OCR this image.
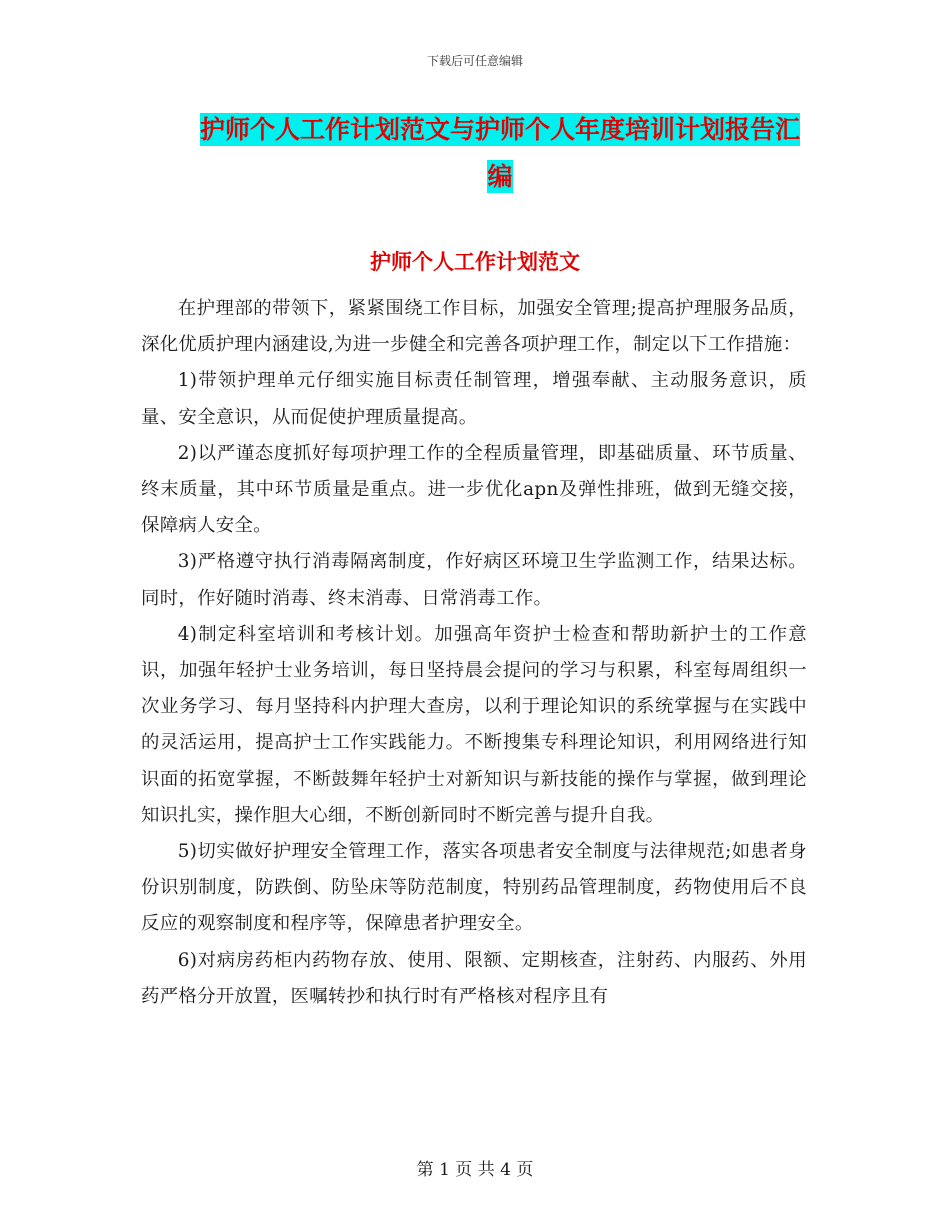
下载后可任意编辑
护师个人工作计划范文与护师个人年度培训计划报告汇编
护师个人工作计划范文

在护理部的带领下，紧紧围绕工作目标，加强安全管理;提高护理服务品质，深化优质护理内涵建设,为进一步健全和完善各项护理工作，制定以下工作措施：

1)带领护理单元仔细实施目标责任制管理，增强奉献、主动服务意识，质量、安全意识，从而促使护理质量提高。

2)以严谨态度抓好每项护理工作的全程质量管理，即基础质量、环节质量、终末质量，其中环节质量是重点。进一步优化apn及弹性排班，做到无缝交接，保障病人安全。

3)严格遵守执行消毒隔离制度，作好病区环境卫生学监测工作，结果达标。同时，作好随时消毒、终末消毒、日常消毒工作。

4)制定科室培训和考核计划。加强高年资护士检查和帮助新护士的工作意识，加强年轻护士业务培训，每日坚持晨会提问的学习与积累，科室每周组织一次业务学习、每月坚持科内护理大查房，以利于理论知识的系统掌握与在实践中的灵活运用，提高护士工作实践能力。不断搜集专科理论知识，利用网络进行知识面的拓宽掌握，不断鼓舞年轻护士对新知识与新技能的操作与掌握，做到理论知识扎实，操作胆大心细，不断创新同时不断完善与提升自我。

5)切实做好护理安全管理工作，落实各项患者安全制度与法律规范;如患者身份识别制度，防跌倒、防坠床等防范制度，特别药品管理制度，药物使用后不良反应的观察制度和程序等，保障患者护理安全。

6)对病房药柜内药物存放、使用、限额、定期核查，注射药、内服药、外用药严格分开放置，医嘱转抄和执行时有严格核对程序且有

第 1 页 共 4 页
